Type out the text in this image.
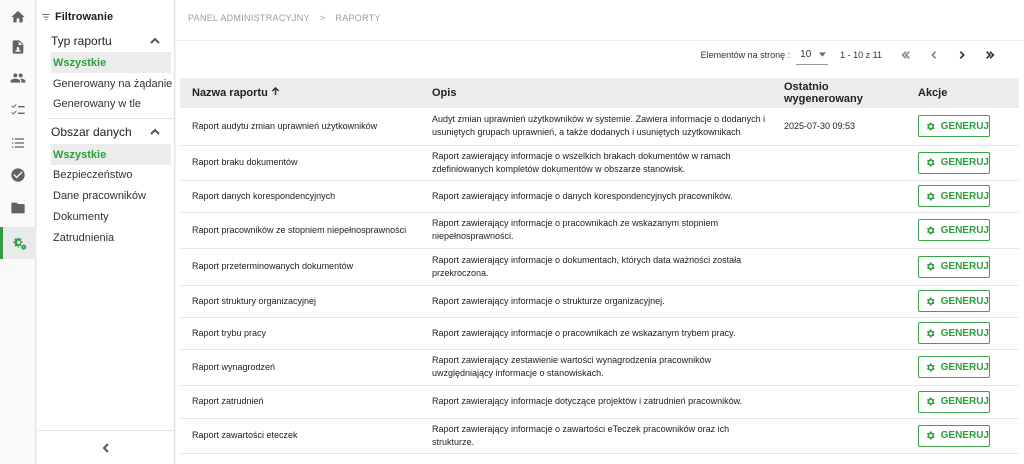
Filtrowanie
Typ raportu
Wszystkie
Generowany na żądanie
Generowany w tle
Obszar danych
Wszystkie
Bezpieczeństwo
Dane pracowników
Dokumenty
Zatrudnienia
PANEL ADMINISTRACYJNY > RAPORTY
Elementów na stronę : 10	1 - 10 z 11
Nazwa raportu	Opis	Ostatnio wygenerowany	Akcje
Raport audytu zmian uprawnień użytkowników	Audyt zmian uprawnień użytkowników w systemie. Zawiera informacje o dodanych i usuniętych grupach uprawnień, a także dodanych i usuniętych użytkownikach	2025-07-30 09:53	GENERUJ

Raport braku dokumentów	Raport zawierający informacje o wszelkich brakach dokumentów w ramach zdefiniowanych kompletów dokumentów w obszarze stanowisk.		GENERUJ

Raport danych korespondencyjnych	Raport zawierający informacje o danych korespondencyjnych pracowników.		GENERUJ

Raport pracowników ze stopniem niepełnosprawności	Raport zawierający informacje o pracownikach ze wskazanym stopniem niepełnosprawności.		GENERUJ

Raport przeterminowanych dokumentów	Raport zawierający informacje o dokumentach, których data ważności została przekroczona.		GENERUJ

Raport struktury organizacyjnej	Raport zawierający informacje o strukturze organizacyjnej.		GENERUJ

Raport trybu pracy	Raport zawierający informacje o pracownikach ze wskazanym trybem pracy.		GENERUJ

Raport wynagrodzeń	Raport zawierający zestawienie wartości wynagrodzenia pracowników uwzględniający informacje o stanowiskach.		GENERUJ

Raport zatrudnień	Raport zawierający informacje dotyczące projektów i zatrudnień pracowników.		GENERUJ

Raport zawartości eteczek	Raport zawierający informacje o zawartości eTeczek pracowników oraz ich strukturze.		GENERUJ
